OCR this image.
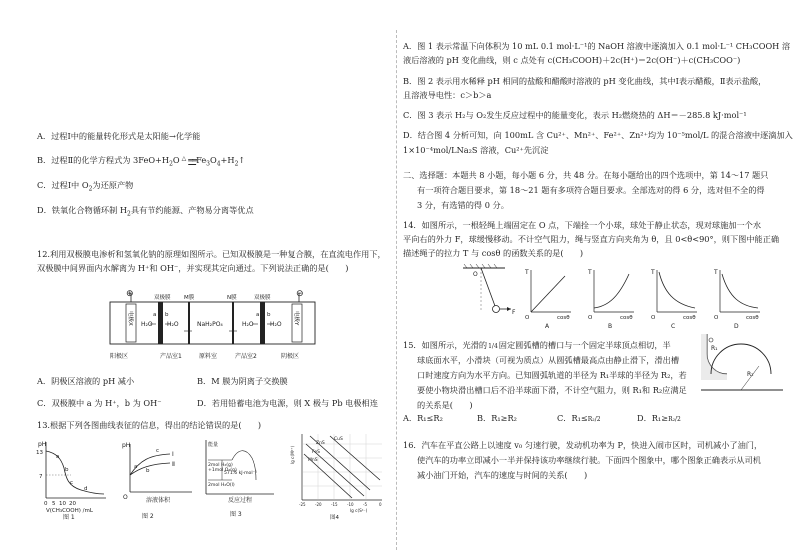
A．过程Ⅰ中的能量转化形式是太阳能→化学能
B．过程Ⅱ的化学方程式为 $3FeO+H_2O$ △ $══Fe_3O_4+H_2↑$
C．过程Ⅰ中 $O_2$为还原产物
D．铁氧化合物循环制 $H_2$具有节约能源、产物易分离等优点
12.利用双极膜电渗析和氢氧化钠的原理如图所示。已知双极膜是一种复合膜，在直流电作用下，
双极膜中间界面内水解离为 H⁺和 OH⁻，并实现其定向通过。下列说法正确的是(　　)
⊕	⊖
电极X	电极Y
双极膜 M膜	N膜	双极膜
H₂O H₂O	NaH₂PO₄	H₂O	H₂O
a b	a b
阳极区	产品室1	原料室	产品室2	阴极区
A．阴极区溶液的 pH 减小	B．M 膜为阴离子交换膜
C．双极膜中 a 为 H⁺，b 为 OH⁻	D．若用铅蓄电池为电源，则 X 极与 Pb 电极相连
13.根据下列各图曲线表征的信息，得出的结论错误的是(　　)
pH
13
7
a
b
c
d
5 10 20
0
V(CH₃COOH) /mL
图 1
pH
O
Ⅰ
Ⅱ
c
a
b
溶液体积
图 2
能量
2mol H₂(g)
+1mol O₂(g)
571.6 kJ·mol⁻¹
2mol H₂O(l)
反应过程
图 3
CuS
ZnS
FeS
MnS
lg c(M²⁺)
-25 -20 -15 -10 -5	0
lg c(S²⁻)
图4
A．图 1 表示常温下向体积为 10 mL 0.1 mol·L⁻¹的 NaOH 溶液中逐滴加入 0.1 mol·L⁻¹ CH₃COOH 溶
液后溶液的 pH 变化曲线，则 c 点处有 c(CH₃COOH)＋2c(H⁺)＝2c(OH⁻)＋c(CH₃COO⁻)
B．图 2 表示用水稀释 pH 相同的盐酸和醋酸时溶液的 pH 变化曲线，其中Ⅰ表示醋酸，Ⅱ表示盐酸，
且溶液导电性：c＞b＞a
C．图 3 表示 H₂与 O₂发生反应过程中的能量变化，表示 H₂燃烧热的 ΔH＝－285.8 kJ·mol⁻¹
D．结合图 4 分析可知，向 100mL 含 Cu²⁺、Mn²⁺、Fe²⁺、Zn²⁺均为 10⁻⁵mol/L 的混合溶液中逐滴加入
1×10⁻⁴mol/LNa₂S 溶液，Cu²⁺先沉淀
二、选择题：本题共 8 小题，每小题 6 分，共 48 分。在每小题给出的四个选项中，第 14～17 题只
有一项符合题目要求，第 18～21 题有多项符合题目要求。全部选对的得 6 分，选对但不全的得
3 分，有选错的得 0 分。
14．如图所示，一根轻绳上端固定在 O 点，下端拴一个小球，球处于静止状态，现对球施加一个水
平向右的外力 F，球缓慢移动。不计空气阻力，绳与竖直方向夹角为 θ，且 0<θ<90°，则下图中能正确
描述绳子的拉力 T 与 cosθ 的函数关系的是(　　)
O
F
T
O	cosθ
A
T
O	cosθ
B
T
O	cosθ
C
T
O	cosθ
D
15．如图所示，光滑的1/4固定圆弧槽的槽口与一个固定半球顶点相切，半
球底面水平，小滑块（可视为质点）从圆弧槽最高点由静止滑下，滑出槽
口时速度方向为水平方向。已知圆弧轨道的半径为 R₁半球的半径为 R₂，若
要使小物块滑出槽口后不沿半球面下滑，不计空气阻力，则 R₁和 R₂应满足
的关系是(　　)
R₁
R₂
A．R₁≤R₂	B．R₁≥R₂	C．R₁≤R₂/2	D．R₁≥R₂/2
16．汽车在平直公路上以速度 v₀ 匀速行驶，发动机功率为 P，快进入闹市区时，司机减小了油门，
使汽车的功率立即减小一半并保持该功率继续行驶。下面四个图象中，哪个图象正确表示从司机
减小油门开始，汽车的速度与时间的关系(　　)
